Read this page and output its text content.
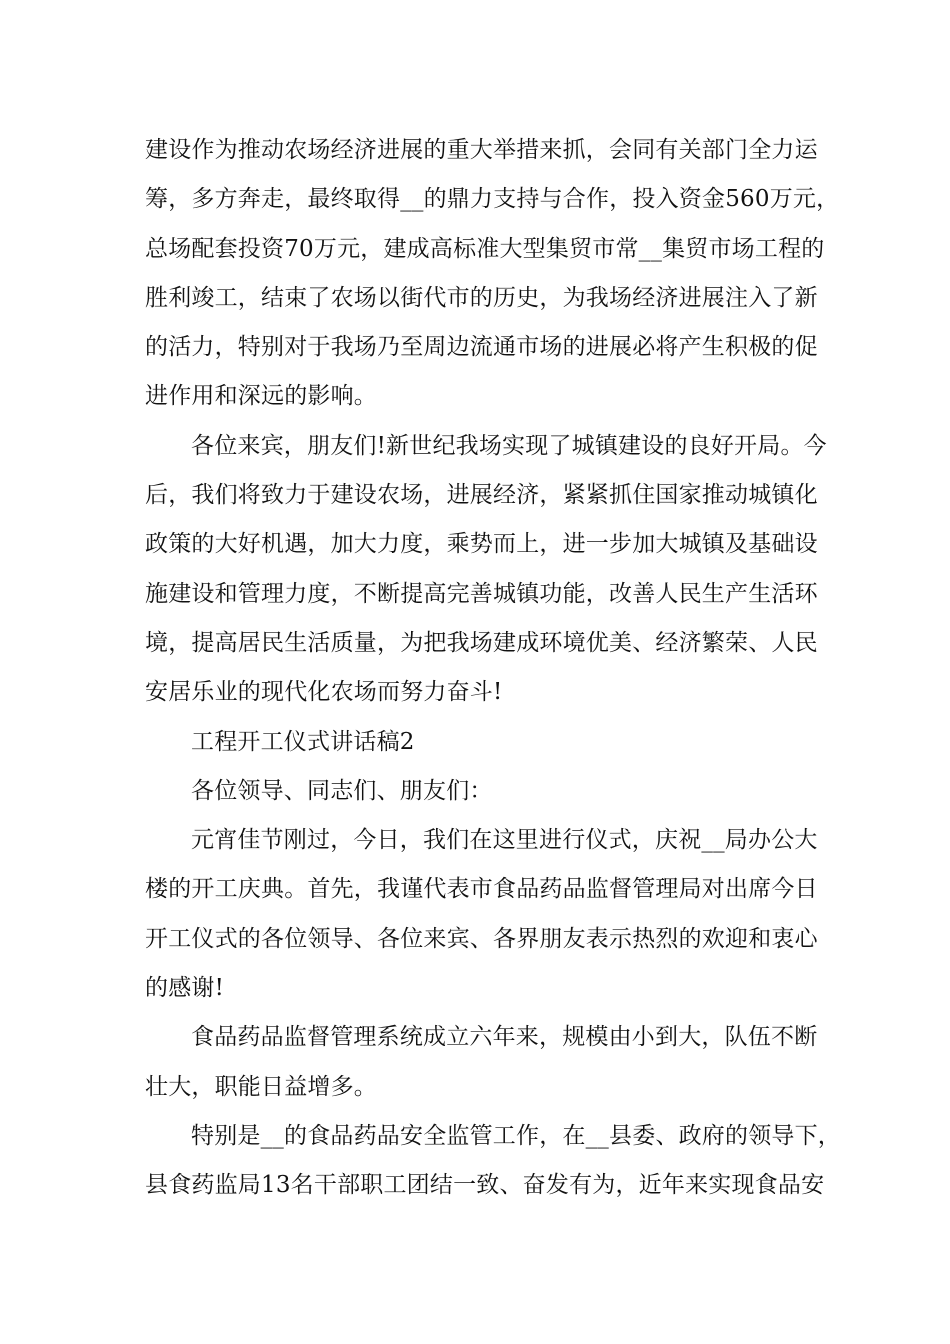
建设作为推动农场经济进展的重大举措来抓，会同有关部门全力运

筹，多方奔走，最终取得__的鼎力支持与合作，投入资金560万元，

总场配套投资70万元，建成高标准大型集贸市常__集贸市场工程的

胜利竣工，结束了农场以街代市的历史，为我场经济进展注入了新

的活力，特别对于我场乃至周边流通市场的进展必将产生积极的促

进作用和深远的影响。

各位来宾，朋友们!新世纪我场实现了城镇建设的良好开局。今

后，我们将致力于建设农场，进展经济，紧紧抓住国家推动城镇化

政策的大好机遇，加大力度，乘势而上，进一步加大城镇及基础设

施建设和管理力度，不断提高完善城镇功能，改善人民生产生活环

境，提高居民生活质量，为把我场建成环境优美、经济繁荣、人民

安居乐业的现代化农场而努力奋斗!

工程开工仪式讲话稿2

各位领导、同志们、朋友们：

元宵佳节刚过，今日，我们在这里进行仪式，庆祝__局办公大

楼的开工庆典。首先，我谨代表市食品药品监督管理局对出席今日

开工仪式的各位领导、各位来宾、各界朋友表示热烈的欢迎和衷心

的感谢!

食品药品监督管理系统成立六年来，规模由小到大，队伍不断

壮大，职能日益增多。

特别是__的食品药品安全监管工作，在__县委、政府的领导下，

县食药监局13名干部职工团结一致、奋发有为，近年来实现食品安
